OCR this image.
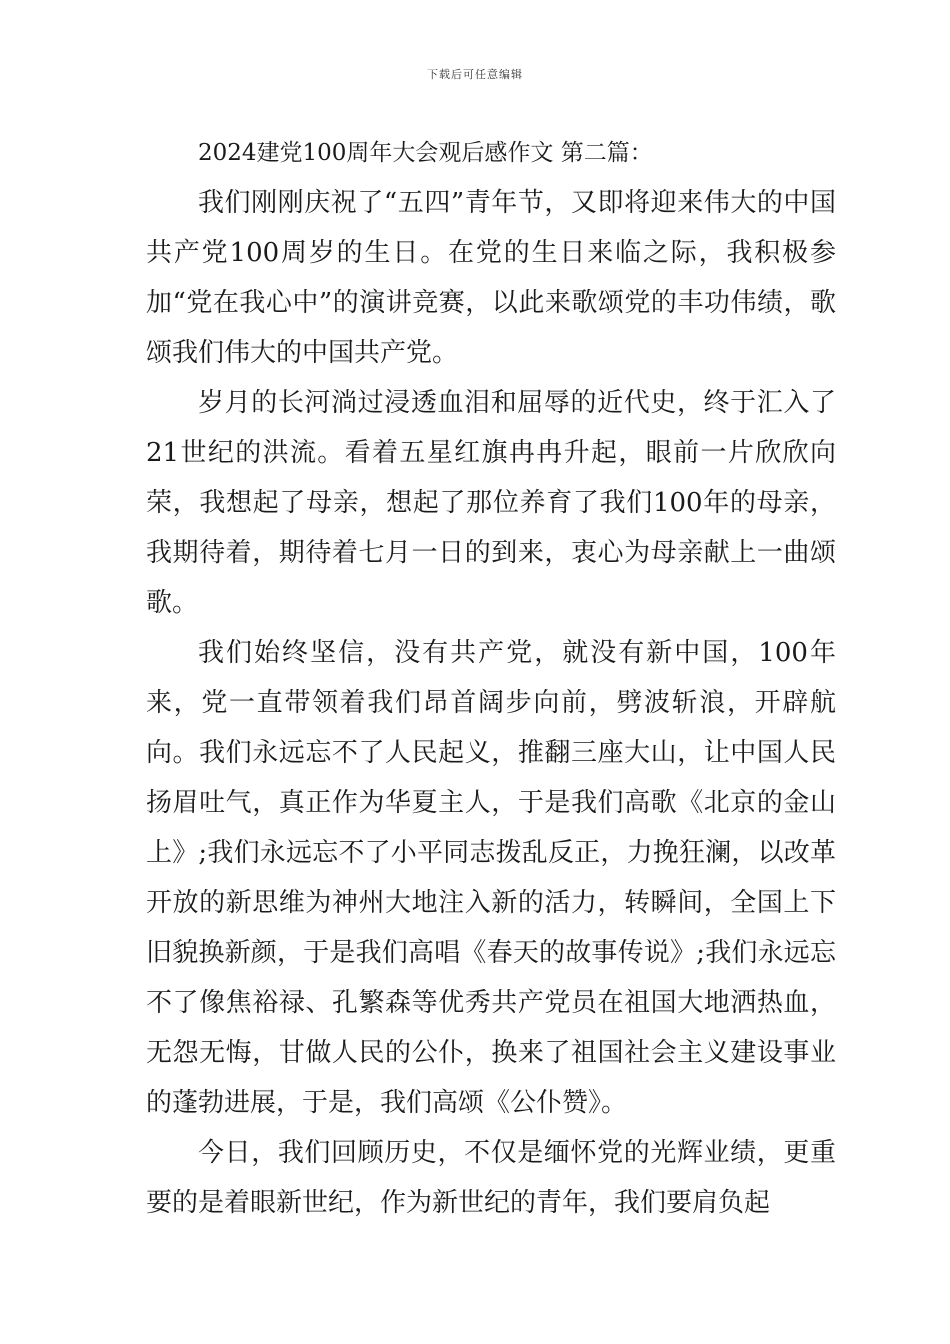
下载后可任意编辑
2024建党100周年大会观后感作文 第二篇：

我们刚刚庆祝了“五四”青年节，又即将迎来伟大的中国共产党100周岁的生日。在党的生日来临之际，我积极参加“党在我心中”的演讲竞赛，以此来歌颂党的丰功伟绩，歌颂我们伟大的中国共产党。

岁月的长河淌过浸透血泪和屈辱的近代史，终于汇入了21世纪的洪流。看着五星红旗冉冉升起，眼前一片欣欣向荣，我想起了母亲，想起了那位养育了我们100年的母亲，我期待着，期待着七月一日的到来，衷心为母亲献上一曲颂歌。

我们始终坚信，没有共产党，就没有新中国，100年来，党一直带领着我们昂首阔步向前，劈波斩浪，开辟航向。我们永远忘不了人民起义，推翻三座大山，让中国人民扬眉吐气，真正作为华夏主人，于是我们高歌《北京的金山上》;我们永远忘不了小平同志拨乱反正，力挽狂澜，以改革开放的新思维为神州大地注入新的活力，转瞬间，全国上下旧貌换新颜，于是我们高唱《春天的故事传说》;我们永远忘不了像焦裕禄、孔繁森等优秀共产党员在祖国大地洒热血，无怨无悔，甘做人民的公仆，换来了祖国社会主义建设事业的蓬勃进展，于是，我们高颂《公仆赞》。

今日，我们回顾历史，不仅是缅怀党的光辉业绩，更重要的是着眼新世纪，作为新世纪的青年，我们要肩负起
